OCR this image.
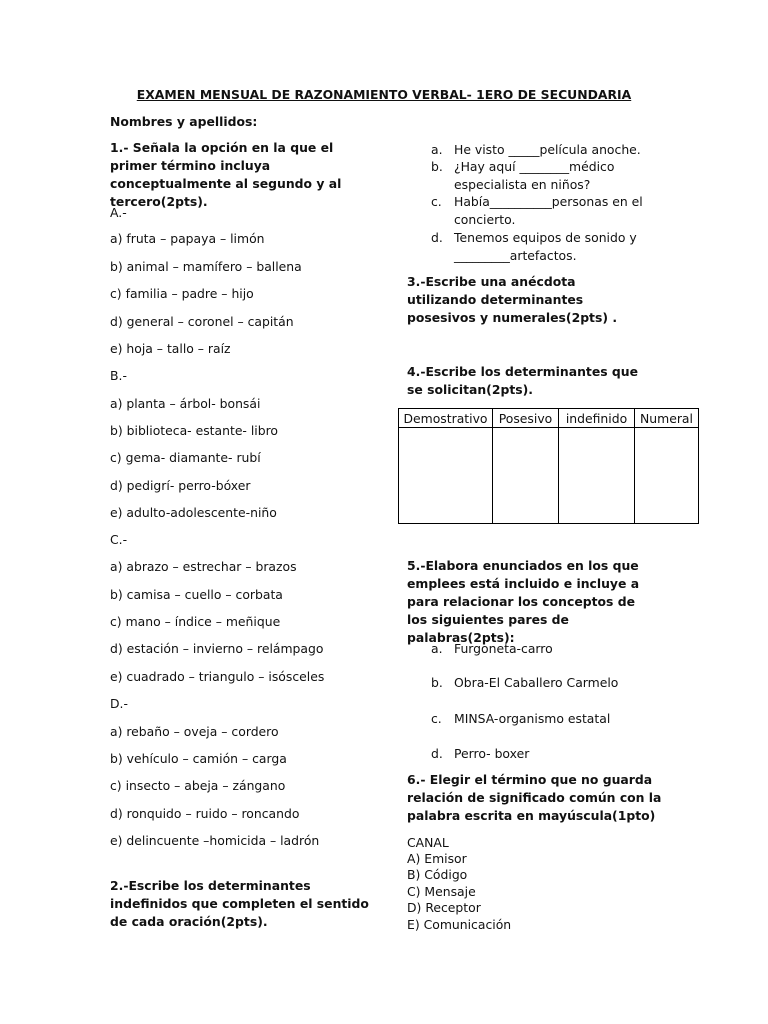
EXAMEN MENSUAL DE RAZONAMIENTO VERBAL- 1ERO DE SECUNDARIA
Nombres y apellidos:
1.- Señala la opción en la que el primer término incluya conceptualmente al segundo y al tercero(2pts).
A.-
a) fruta – papaya – limón
b) animal – mamífero – ballena
c) familia – padre – hijo
d) general – coronel – capitán
e) hoja – tallo – raíz
B.-
a) planta – árbol- bonsái
b) biblioteca- estante- libro
c) gema- diamante- rubí
d) pedigrí- perro-bóxer
e) adulto-adolescente-niño
C.-
a) abrazo – estrechar – brazos
b) camisa – cuello – corbata
c) mano – índice – meñique
d) estación – invierno – relámpago
e) cuadrado – triangulo – isósceles
D.-
a) rebaño – oveja – cordero
b) vehículo – camión – carga
c) insecto – abeja – zángano
d) ronquido – ruido – roncando
e) delincuente –homicida – ladrón
2.-Escribe los determinantes indefinidos que completen el sentido de cada oración(2pts).
a. He visto _____película anoche.
b. ¿Hay aquí ________médico especialista en niños?
c. Había__________personas en el concierto.
d. Tenemos equipos de sonido y _________artefactos.
3.-Escribe una anécdota utilizando determinantes posesivos y numerales(2pts) .
4.-Escribe los determinantes que se solicitan(2pts).
Demostrativo	Posesivo	indefinido	Numeral

5.-Elabora enunciados en los que emplees está incluido e incluye a para relacionar los conceptos de los siguientes pares de palabras(2pts):
a. Furgoneta-carro
b. Obra-El Caballero Carmelo
c. MINSA-organismo estatal
d. Perro- boxer
6.- Elegir el término que no guarda relación de significado común con la palabra escrita en mayúscula(1pto)
CANAL
A) Emisor
B) Código
C) Mensaje
D) Receptor
E) Comunicación
